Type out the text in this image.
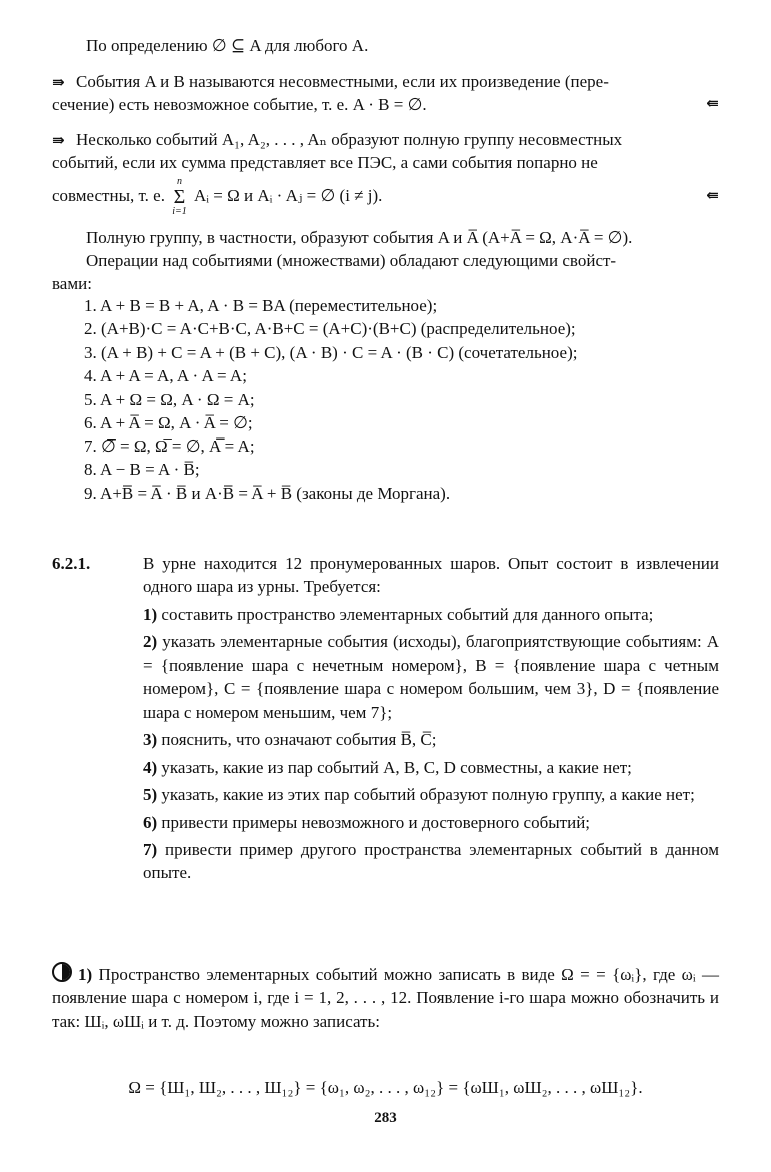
По определению ∅ ⊆ A для любого A.
⇛ События A и B называются несовместными, если их произведение (пере-
сечение) есть невозможное событие, т. е. A · B = ∅.	⇚
⇛ Несколько событий A₁, A₂, . . . , Aₙ образуют полную группу несовместных
событий, если их сумма представляет все ПЭС, а сами события попарно не
совместны, т. е.
n
Σ
i=1
Aᵢ = Ω и Aᵢ · Aⱼ = ∅ (i ≠ j).	⇚
Полную группу, в частности, образуют события A и A̅ (A+A̅ = Ω, A·A̅ = ∅).
Операции над событиями (множествами) обладают следующими свойст-
вами:
1. A + B = B + A, A · B = BA (переместительное);
2. (A+B)·C = A·C+B·C, A·B+C = (A+C)·(B+C) (распределительное);
3. (A + B) + C = A + (B + C), (A · B) · C = A · (B · C) (сочетательное);
4. A + A = A, A · A = A;
5. A + Ω = Ω, A · Ω = A;
6. A + A̅ = Ω, A · A̅ = ∅;
7. ∅̅ = Ω, Ω̅ = ∅, A̿ = A;
8. A − B = A · B̅;
9. A+B̅̅̅̅ = A̅ · B̅ и A·B̅̅̅̅ = A̅ + B̅ (законы де Моргана).
6.2.1.	В урне находится 12 пронумерованных шаров. Опыт состоит в извлечении одного шара из урны. Требуется:

1) составить пространство элементарных событий для данного опыта;
2) указать элементарные события (исходы), благоприятствующие событиям: A = {появление шара с нечетным номером}, B = {появление шара с четным номером}, C = {появление шара с номером большим, чем 3}, D = {появление шара с номером меньшим, чем 7};
3) пояснить, что означают события B̅, C̅;
4) указать, какие из пар событий A, B, C, D совместны, а какие нет;
5) указать, какие из этих пар событий образуют полную группу, а какие нет;
6) привести примеры невозможного и достоверного событий;
7) привести пример другого пространства элементарных событий в данном опыте.
1) Пространство элементарных событий можно записать в виде Ω = = {ωᵢ}, где ωᵢ — появление шара с номером i, где i = 1, 2, . . . , 12. Появление i-го шара можно обозначить и так: Шᵢ, ωШᵢ и т. д. Поэтому можно записать:
Ω = {Ш₁, Ш₂, . . . , Ш₁₂} = {ω₁, ω₂, . . . , ω₁₂} = {ωШ₁, ωШ₂, . . . , ωШ₁₂}.
283
